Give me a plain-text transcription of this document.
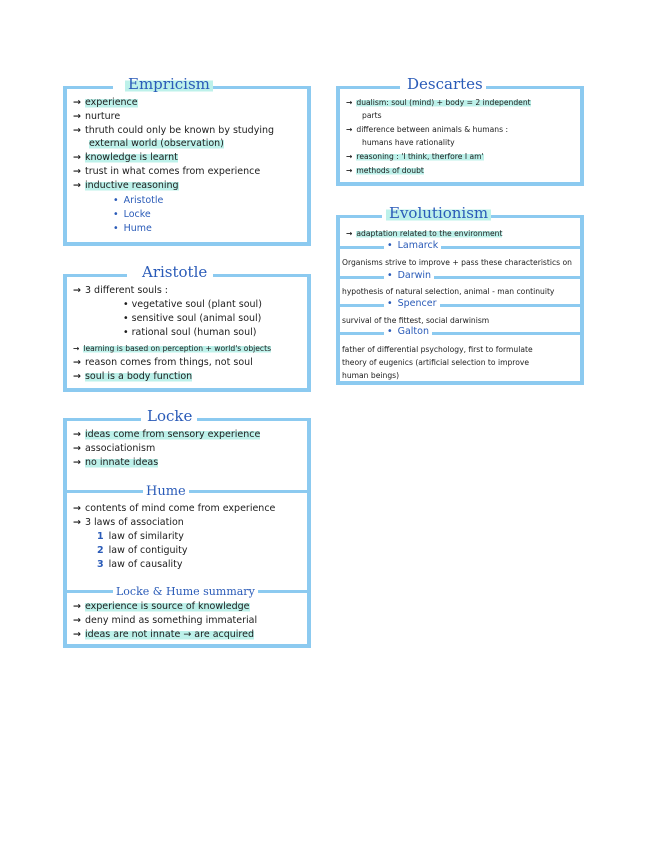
Empricism
→ experience
→ nurture
→ thruth could only be known by studying
external world (observation)
→ knowledge is learnt
→ trust in what comes from experience
→ inductive reasoning
• Aristotle
• Locke
• Hume
Aristotle
→ 3 different souls :
• vegetative soul (plant soul)
• sensitive soul (animal soul)
• rational soul (human soul)
→ learning is based on perception + world's objects
→ reason comes from things, not soul
→ soul is a body function
Locke
→ ideas come from sensory experience
→ associationism
→ no innate ideas
Hume
→ contents of mind come from experience
→ 3 laws of association
1 law of similarity
2 law of contiguity
3 law of causality
Locke & Hume summary
→ experience is source of knowledge
→ deny mind as something immaterial
→ ideas are not innate → are acquired
Descartes
→ dualism: soul (mind) + body = 2 independent
parts
→ difference between animals & humans :
humans have rationality
→ reasoning : 'I think, therfore I am'
→ methods of doubt
Evolutionism
→ adaptation related to the environment
• Lamarck
Organisms strive to improve + pass these characteristics on
• Darwin
hypothesis of natural selection, animal - man continuity
• Spencer
survival of the fittest, social darwinism
• Galton
father of differential psychology, first to formulate
theory of eugenics (artificial selection to improve
human beings)
